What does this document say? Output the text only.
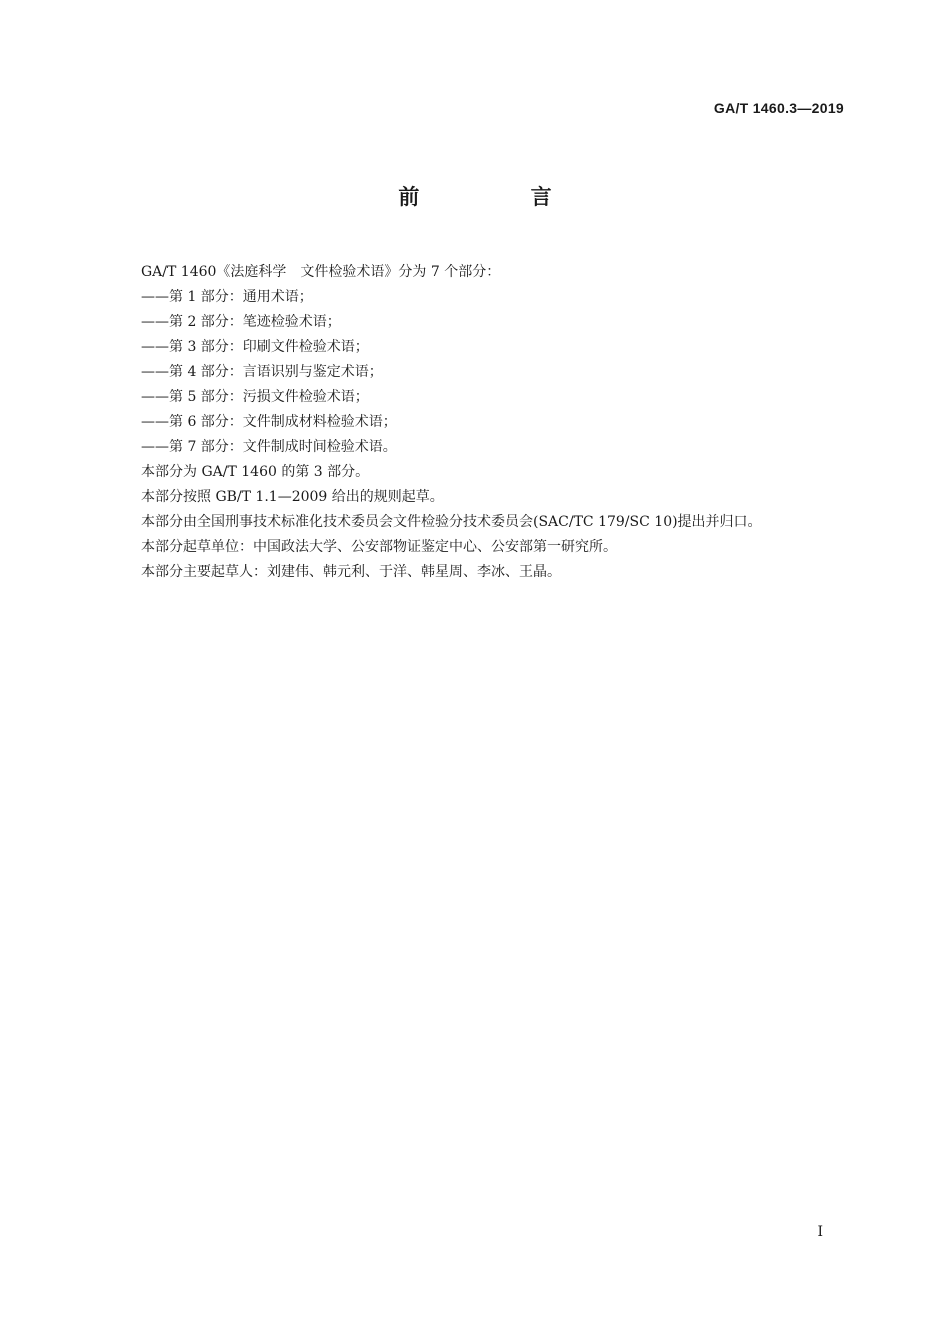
GA/T 1460.3—2019
前 言

GA/T 1460《法庭科学　文件检验术语》分为 7 个部分：

——第 1 部分：通用术语；

——第 2 部分：笔迹检验术语；

——第 3 部分：印刷文件检验术语；

——第 4 部分：言语识别与鉴定术语；

——第 5 部分：污损文件检验术语；

——第 6 部分：文件制成材料检验术语；

——第 7 部分：文件制成时间检验术语。

本部分为 GA/T 1460 的第 3 部分。

本部分按照 GB/T 1.1—2009 给出的规则起草。

本部分由全国刑事技术标准化技术委员会文件检验分技术委员会(SAC/TC 179/SC 10)提出并归口。

本部分起草单位：中国政法大学、公安部物证鉴定中心、公安部第一研究所。

本部分主要起草人：刘建伟、韩元利、于洋、韩星周、李冰、王晶。

I
